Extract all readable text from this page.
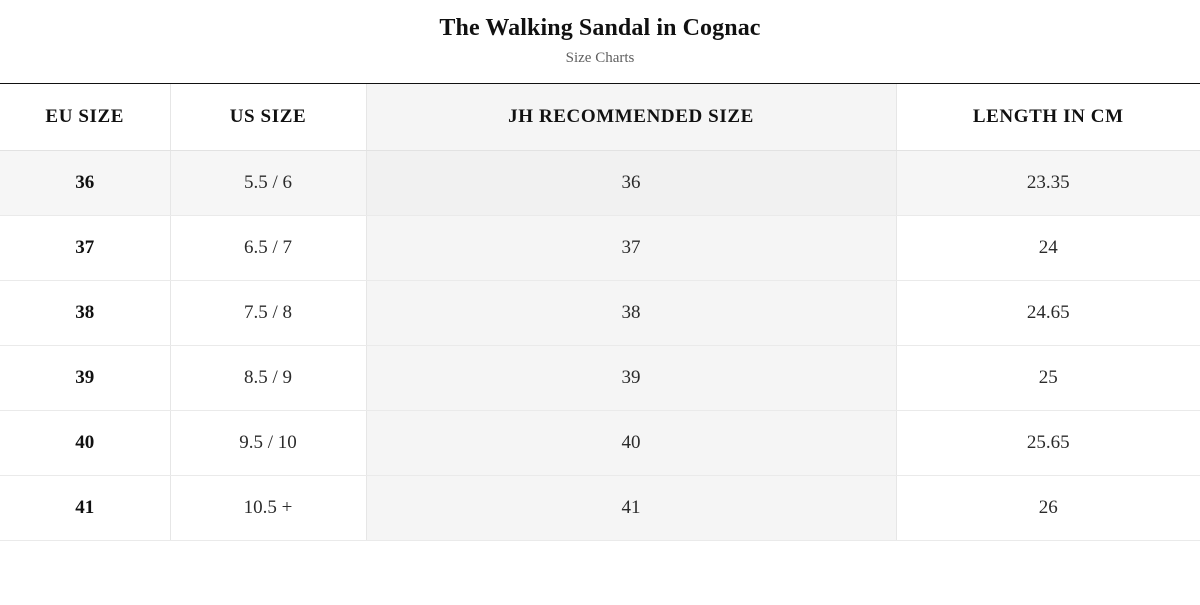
The Walking Sandal in Cognac
Size Charts
EU SIZE	US SIZE	JH RECOMMENDED SIZE	LENGTH IN CM
36	5.5 / 6	36	23.35
37	6.5 / 7	37	24
38	7.5 / 8	38	24.65
39	8.5 / 9	39	25
40	9.5 / 10	40	25.65
41	10.5 +	41	26
